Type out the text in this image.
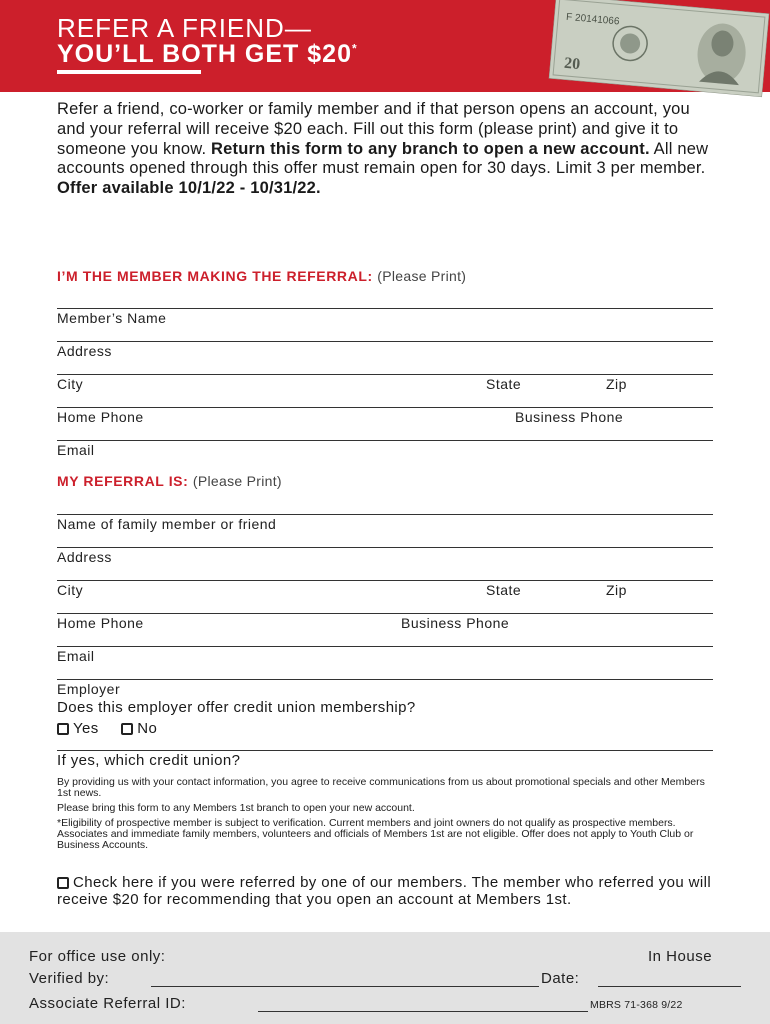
REFER A FRIEND—
YOU’LL BOTH GET $20*
F 20141066
20
Refer a friend, co-worker or family member and if that person opens an account, you and your referral will receive $20 each. Fill out this form (please print) and give it to someone you know. Return this form to any branch to open a new account. All new accounts opened through this offer must remain open for 30 days. Limit 3 per member.
Offer available 10/1/22 - 10/31/22.
I’M THE MEMBER MAKING THE REFERRAL: (Please Print)
Member’s Name
Address
City	State	Zip
Home Phone	Business Phone
Email
MY REFERRAL IS: (Please Print)
Name of family member or friend
Address
City	State	Zip
Home Phone	Business Phone
Email
Employer
Does this employer offer credit union membership?
Yes	No
If yes, which credit union?
By providing us with your contact information, you agree to receive communications from us about promotional specials and other Members 1st news.
Please bring this form to any Members 1st branch to open your new account.
*Eligibility of prospective member is subject to verification. Current members and joint owners do not qualify as prospective members. Associates and immediate family members, volunteers and officials of Members 1st are not eligible. Offer does not apply to Youth Club or Business Accounts.
Check here if you were referred by one of our members. The member who referred you will receive $20 for recommending that you open an account at Members 1st.
For office use only:	In House
Verified by:	Date:
Associate Referral ID:	MBRS 71-368 9/22
